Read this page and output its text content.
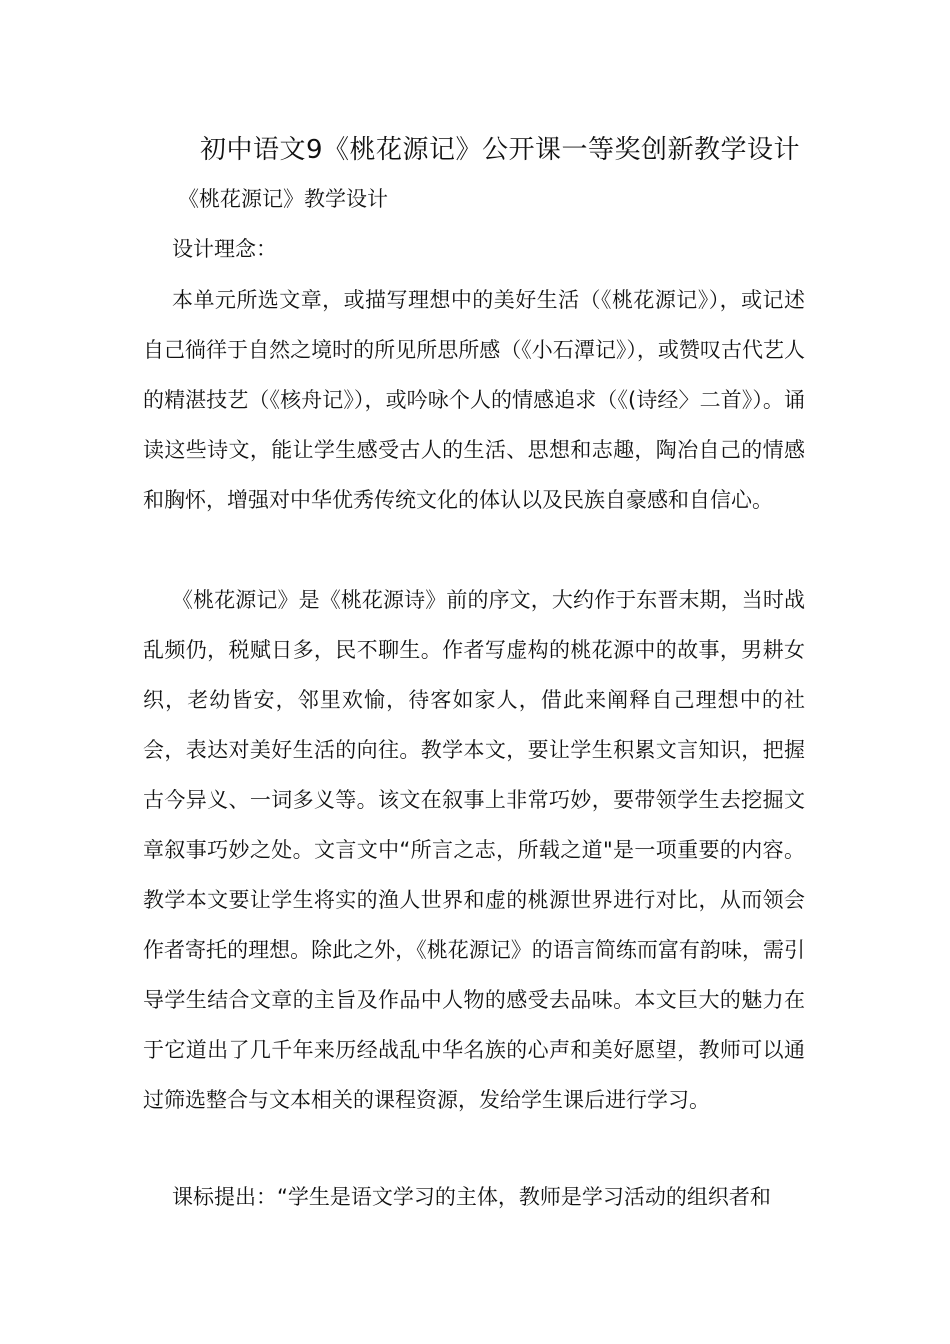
初中语文9《桃花源记》公开课一等奖创新教学设计

《桃花源记》教学设计

设计理念：

本单元所选文章，或描写理想中的美好生活（《桃花源记》），或记述自己徜徉于自然之境时的所见所思所感（《小石潭记》），或赞叹古代艺人的精湛技艺（《核舟记》），或吟咏个人的情感追求（《(诗经〉二首》）。诵读这些诗文，能让学生感受古人的生活、思想和志趣，陶冶自己的情感和胸怀，增强对中华优秀传统文化的体认以及民族自豪感和自信心。

《桃花源记》是《桃花源诗》前的序文，大约作于东晋末期，当时战乱频仍，税赋日多，民不聊生。作者写虚构的桃花源中的故事，男耕女织，老幼皆安，邻里欢愉，待客如家人，借此来阐释自己理想中的社会，表达对美好生活的向往。教学本文，要让学生积累文言知识，把握古今异义、一词多义等。该文在叙事上非常巧妙，要带领学生去挖掘文章叙事巧妙之处。文言文中“所言之志，所载之道"是一项重要的内容。教学本文要让学生将实的渔人世界和虚的桃源世界进行对比，从而领会作者寄托的理想。除此之外，《桃花源记》的语言简练而富有韵味，需引导学生结合文章的主旨及作品中人物的感受去品味。本文巨大的魅力在于它道出了几千年来历经战乱中华名族的心声和美好愿望，教师可以通过筛选整合与文本相关的课程资源，发给学生课后进行学习。

课标提出：“学生是语文学习的主体，教师是学习活动的组织者和
